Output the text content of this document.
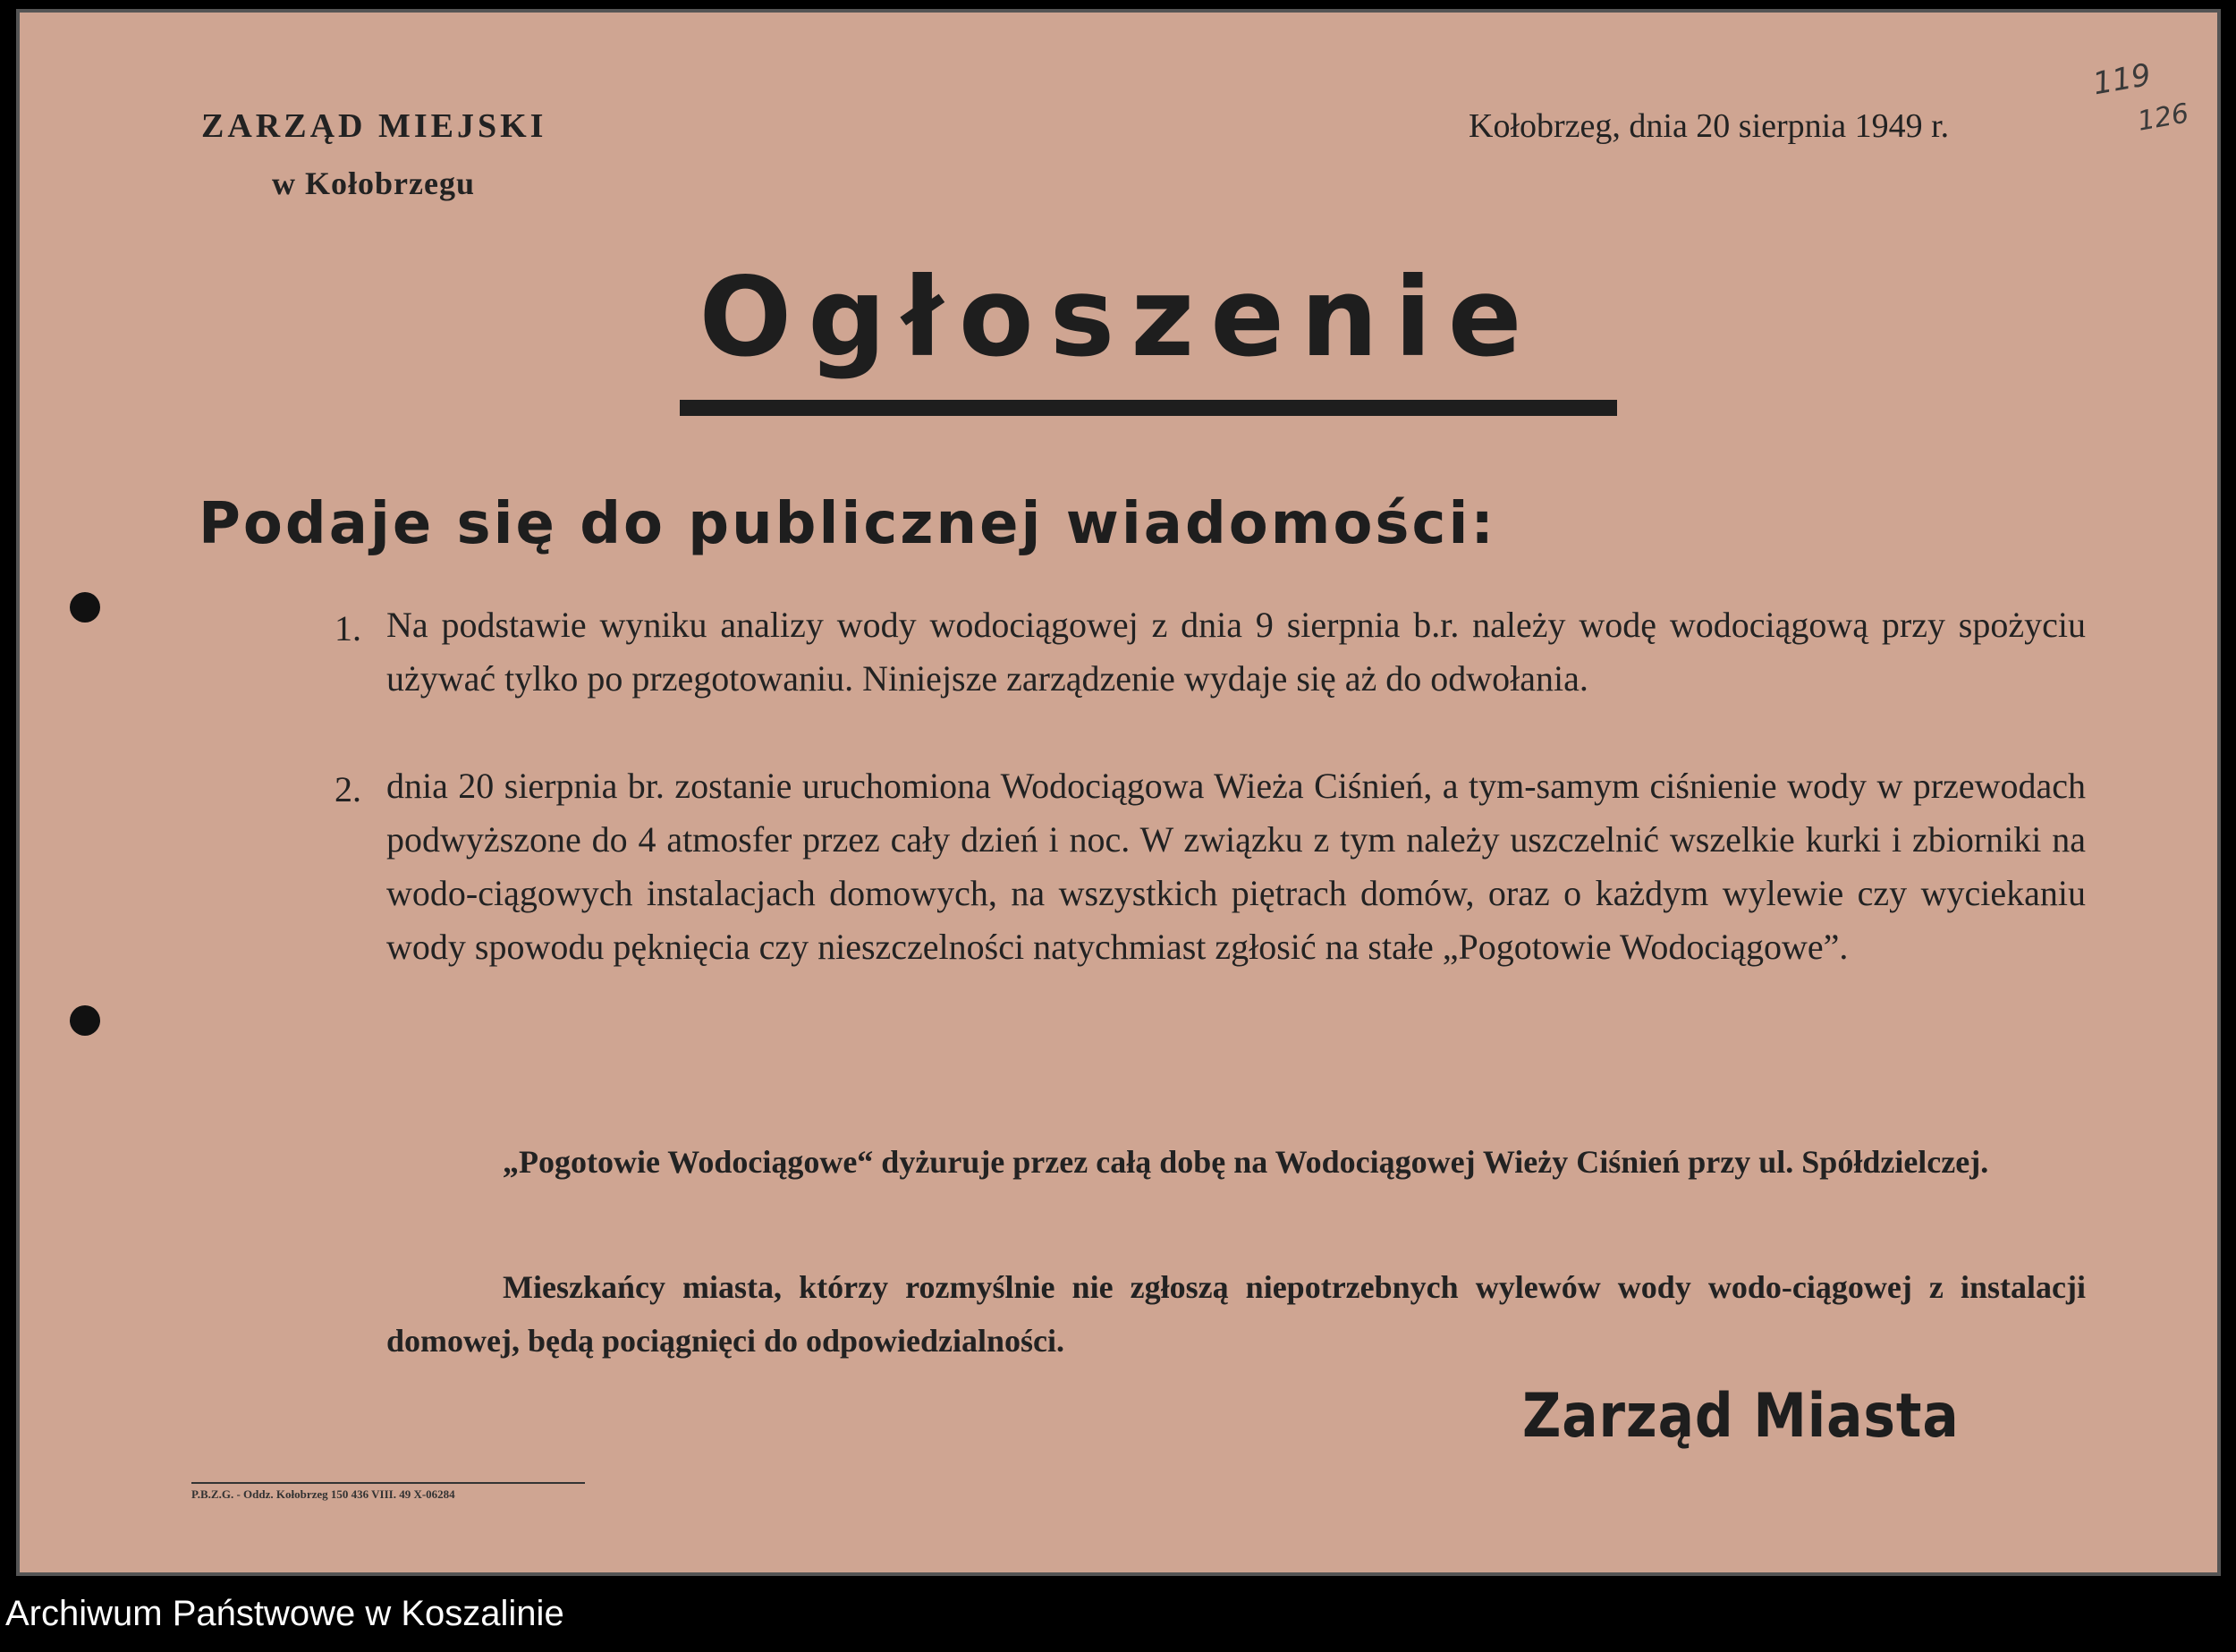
ZARZĄD MIEJSKI
w Kołobrzegu
Kołobrzeg, dnia 20 sierpnia 1949 r.
119
126
Ogłoszenie
Podaje się do publicznej wiadomości:
1. Na podstawie wyniku analizy wody wodociągowej z dnia 9 sierpnia b.r. należy wodę wodociągową przy spożyciu używać tylko po przegotowaniu. Niniejsze zarządzenie wydaje się aż do odwołania.
2. dnia 20 sierpnia br. zostanie uruchomiona Wodociągowa Wieża Ciśnień, a tym-samym ciśnienie wody w przewodach podwyższone do 4 atmosfer przez cały dzień i noc. W związku z tym należy uszczelnić wszelkie kurki i zbiorniki na wodo-ciągowych instalacjach domowych, na wszystkich piętrach domów, oraz o każdym wylewie czy wyciekaniu wody spowodu pęknięcia czy nieszczelności natychmiast zgłosić na stałe „Pogotowie Wodociągowe”.
„Pogotowie Wodociągowe“ dyżuruje przez całą dobę na Wodociągowej Wieży Ciśnień przy ul. Spółdzielczej.
Mieszkańcy miasta, którzy rozmyślnie nie zgłoszą niepotrzebnych wylewów wody wodo-ciągowej z instalacji domowej, będą pociągnięci do odpowiedzialności.
Zarząd Miasta
P.B.Z.G. - Oddz. Kołobrzeg 150 436 VIII. 49 X-06284
Archiwum Państwowe w Koszalinie
